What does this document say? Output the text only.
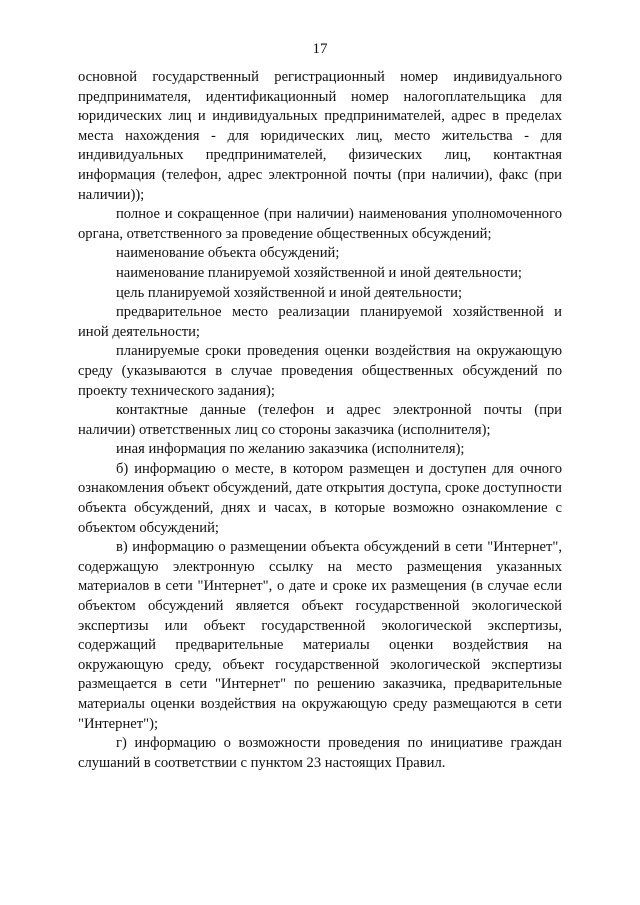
17

основной государственный регистрационный номер индивидуального предпринимателя, идентификационный номер налогоплательщика для юридических лиц и индивидуальных предпринимателей, адрес в пределах места нахождения - для юридических лиц, место жительства - для индивидуальных предпринимателей, физических лиц, контактная информация (телефон, адрес электронной почты (при наличии), факс (при наличии));

полное и сокращенное (при наличии) наименования уполномоченного органа, ответственного за проведение общественных обсуждений;

наименование объекта обсуждений;

наименование планируемой хозяйственной и иной деятельности;

цель планируемой хозяйственной и иной деятельности;

предварительное место реализации планируемой хозяйственной и иной деятельности;

планируемые сроки проведения оценки воздействия на окружающую среду (указываются в случае проведения общественных обсуждений по проекту технического задания);

контактные данные (телефон и адрес электронной почты (при наличии) ответственных лиц со стороны заказчика (исполнителя);

иная информация по желанию заказчика (исполнителя);

б) информацию о месте, в котором размещен и доступен для очного ознакомления объект обсуждений, дате открытия доступа, сроке доступности объекта обсуждений, днях и часах, в которые возможно ознакомление с объектом обсуждений;

в) информацию о размещении объекта обсуждений в сети "Интернет", содержащую электронную ссылку на место размещения указанных материалов в сети "Интернет", о дате и сроке их размещения (в случае если объектом обсуждений является объект государственной экологической экспертизы или объект государственной экологической экспертизы, содержащий предварительные материалы оценки воздействия на окружающую среду, объект государственной экологической экспертизы размещается в сети "Интернет" по решению заказчика, предварительные материалы оценки воздействия на окружающую среду размещаются в сети "Интернет");

г) информацию о возможности проведения по инициативе граждан слушаний в соответствии с пунктом 23 настоящих Правил.
